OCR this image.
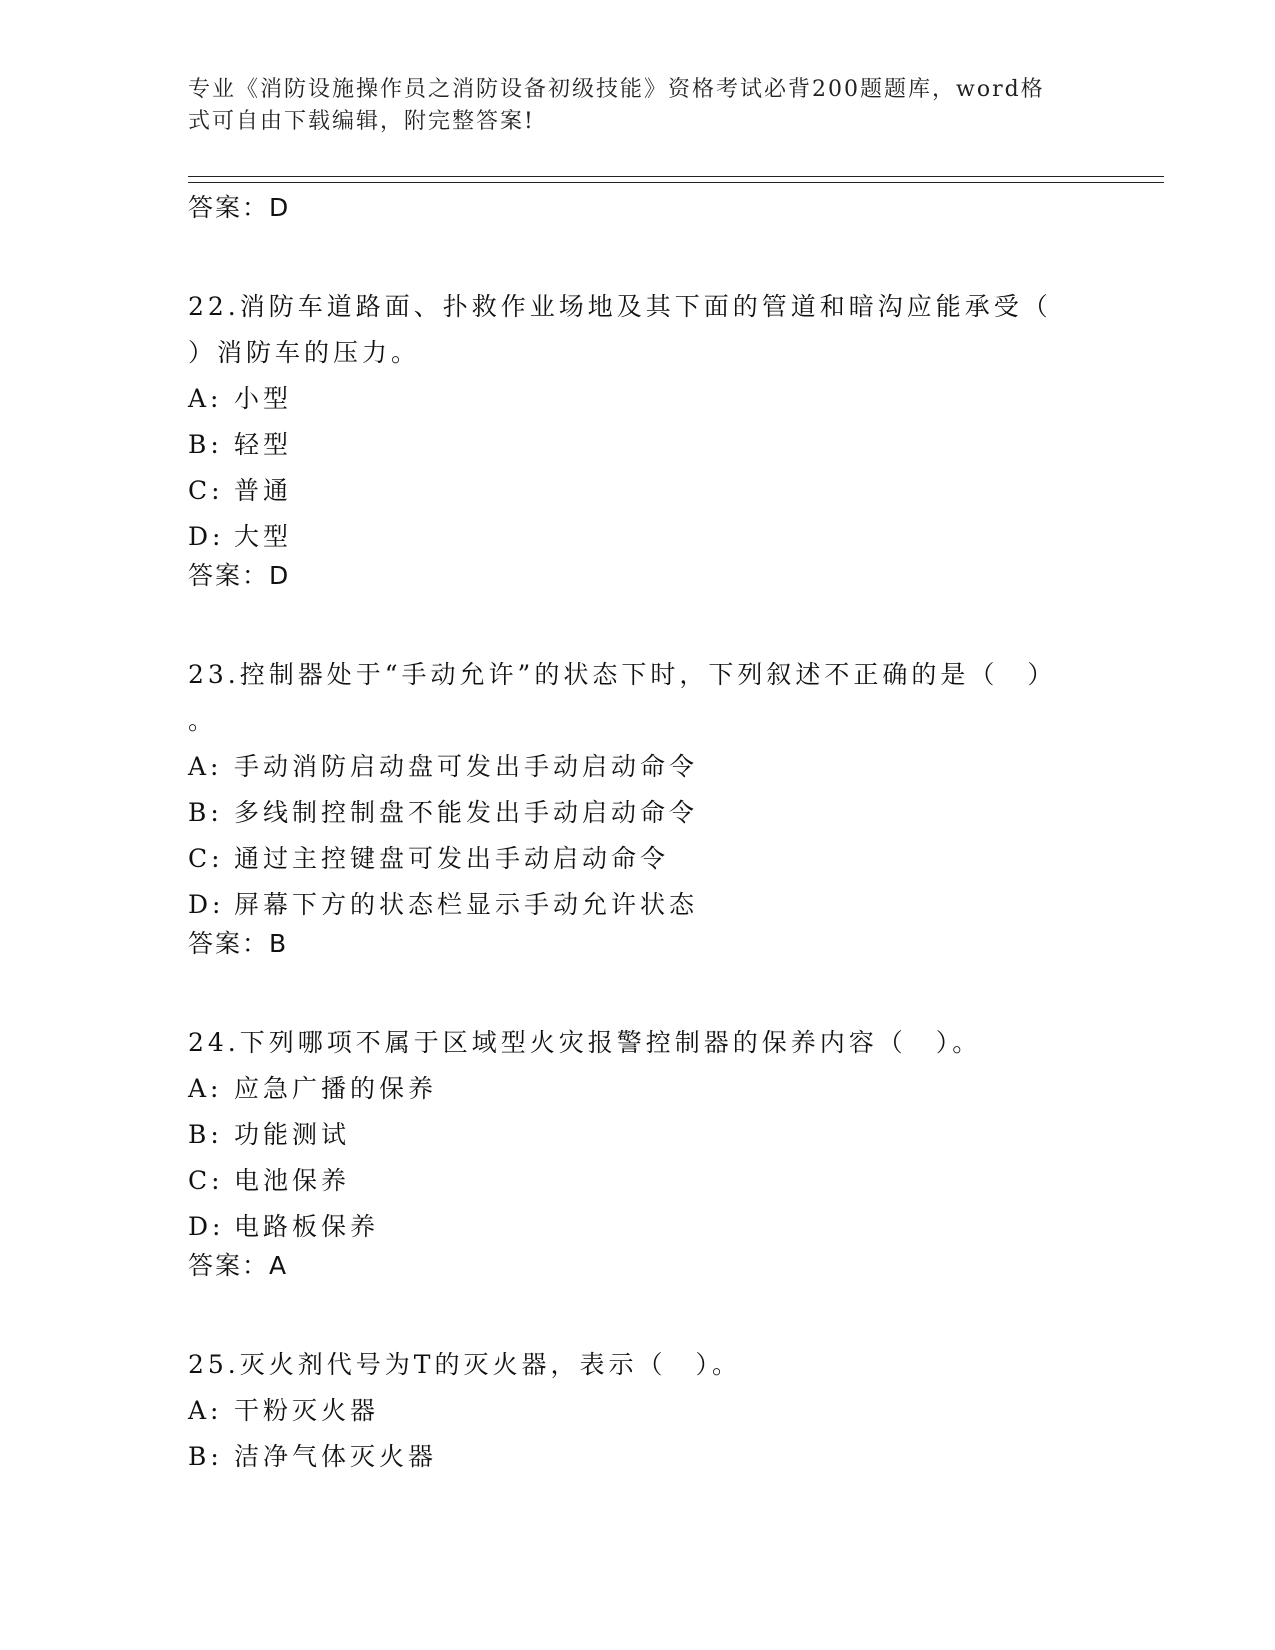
专业《消防设施操作员之消防设备初级技能》资格考试必背200题题库，word格
式可自由下载编辑，附完整答案!
答案：D
22.消防车道路面、扑救作业场地及其下面的管道和暗沟应能承受（
）消防车的压力。
A: 小型
B: 轻型
C: 普通
D: 大型
答案：D
23.控制器处于“手动允许”的状态下时，下列叙述不正确的是（　）
。
A: 手动消防启动盘可发出手动启动命令
B: 多线制控制盘不能发出手动启动命令
C: 通过主控键盘可发出手动启动命令
D: 屏幕下方的状态栏显示手动允许状态
答案：B
24.下列哪项不属于区域型火灾报警控制器的保养内容（　）。
A: 应急广播的保养
B: 功能测试
C: 电池保养
D: 电路板保养
答案：A
25.灭火剂代号为T的灭火器，表示（　）。
A: 干粉灭火器
B: 洁净气体灭火器
